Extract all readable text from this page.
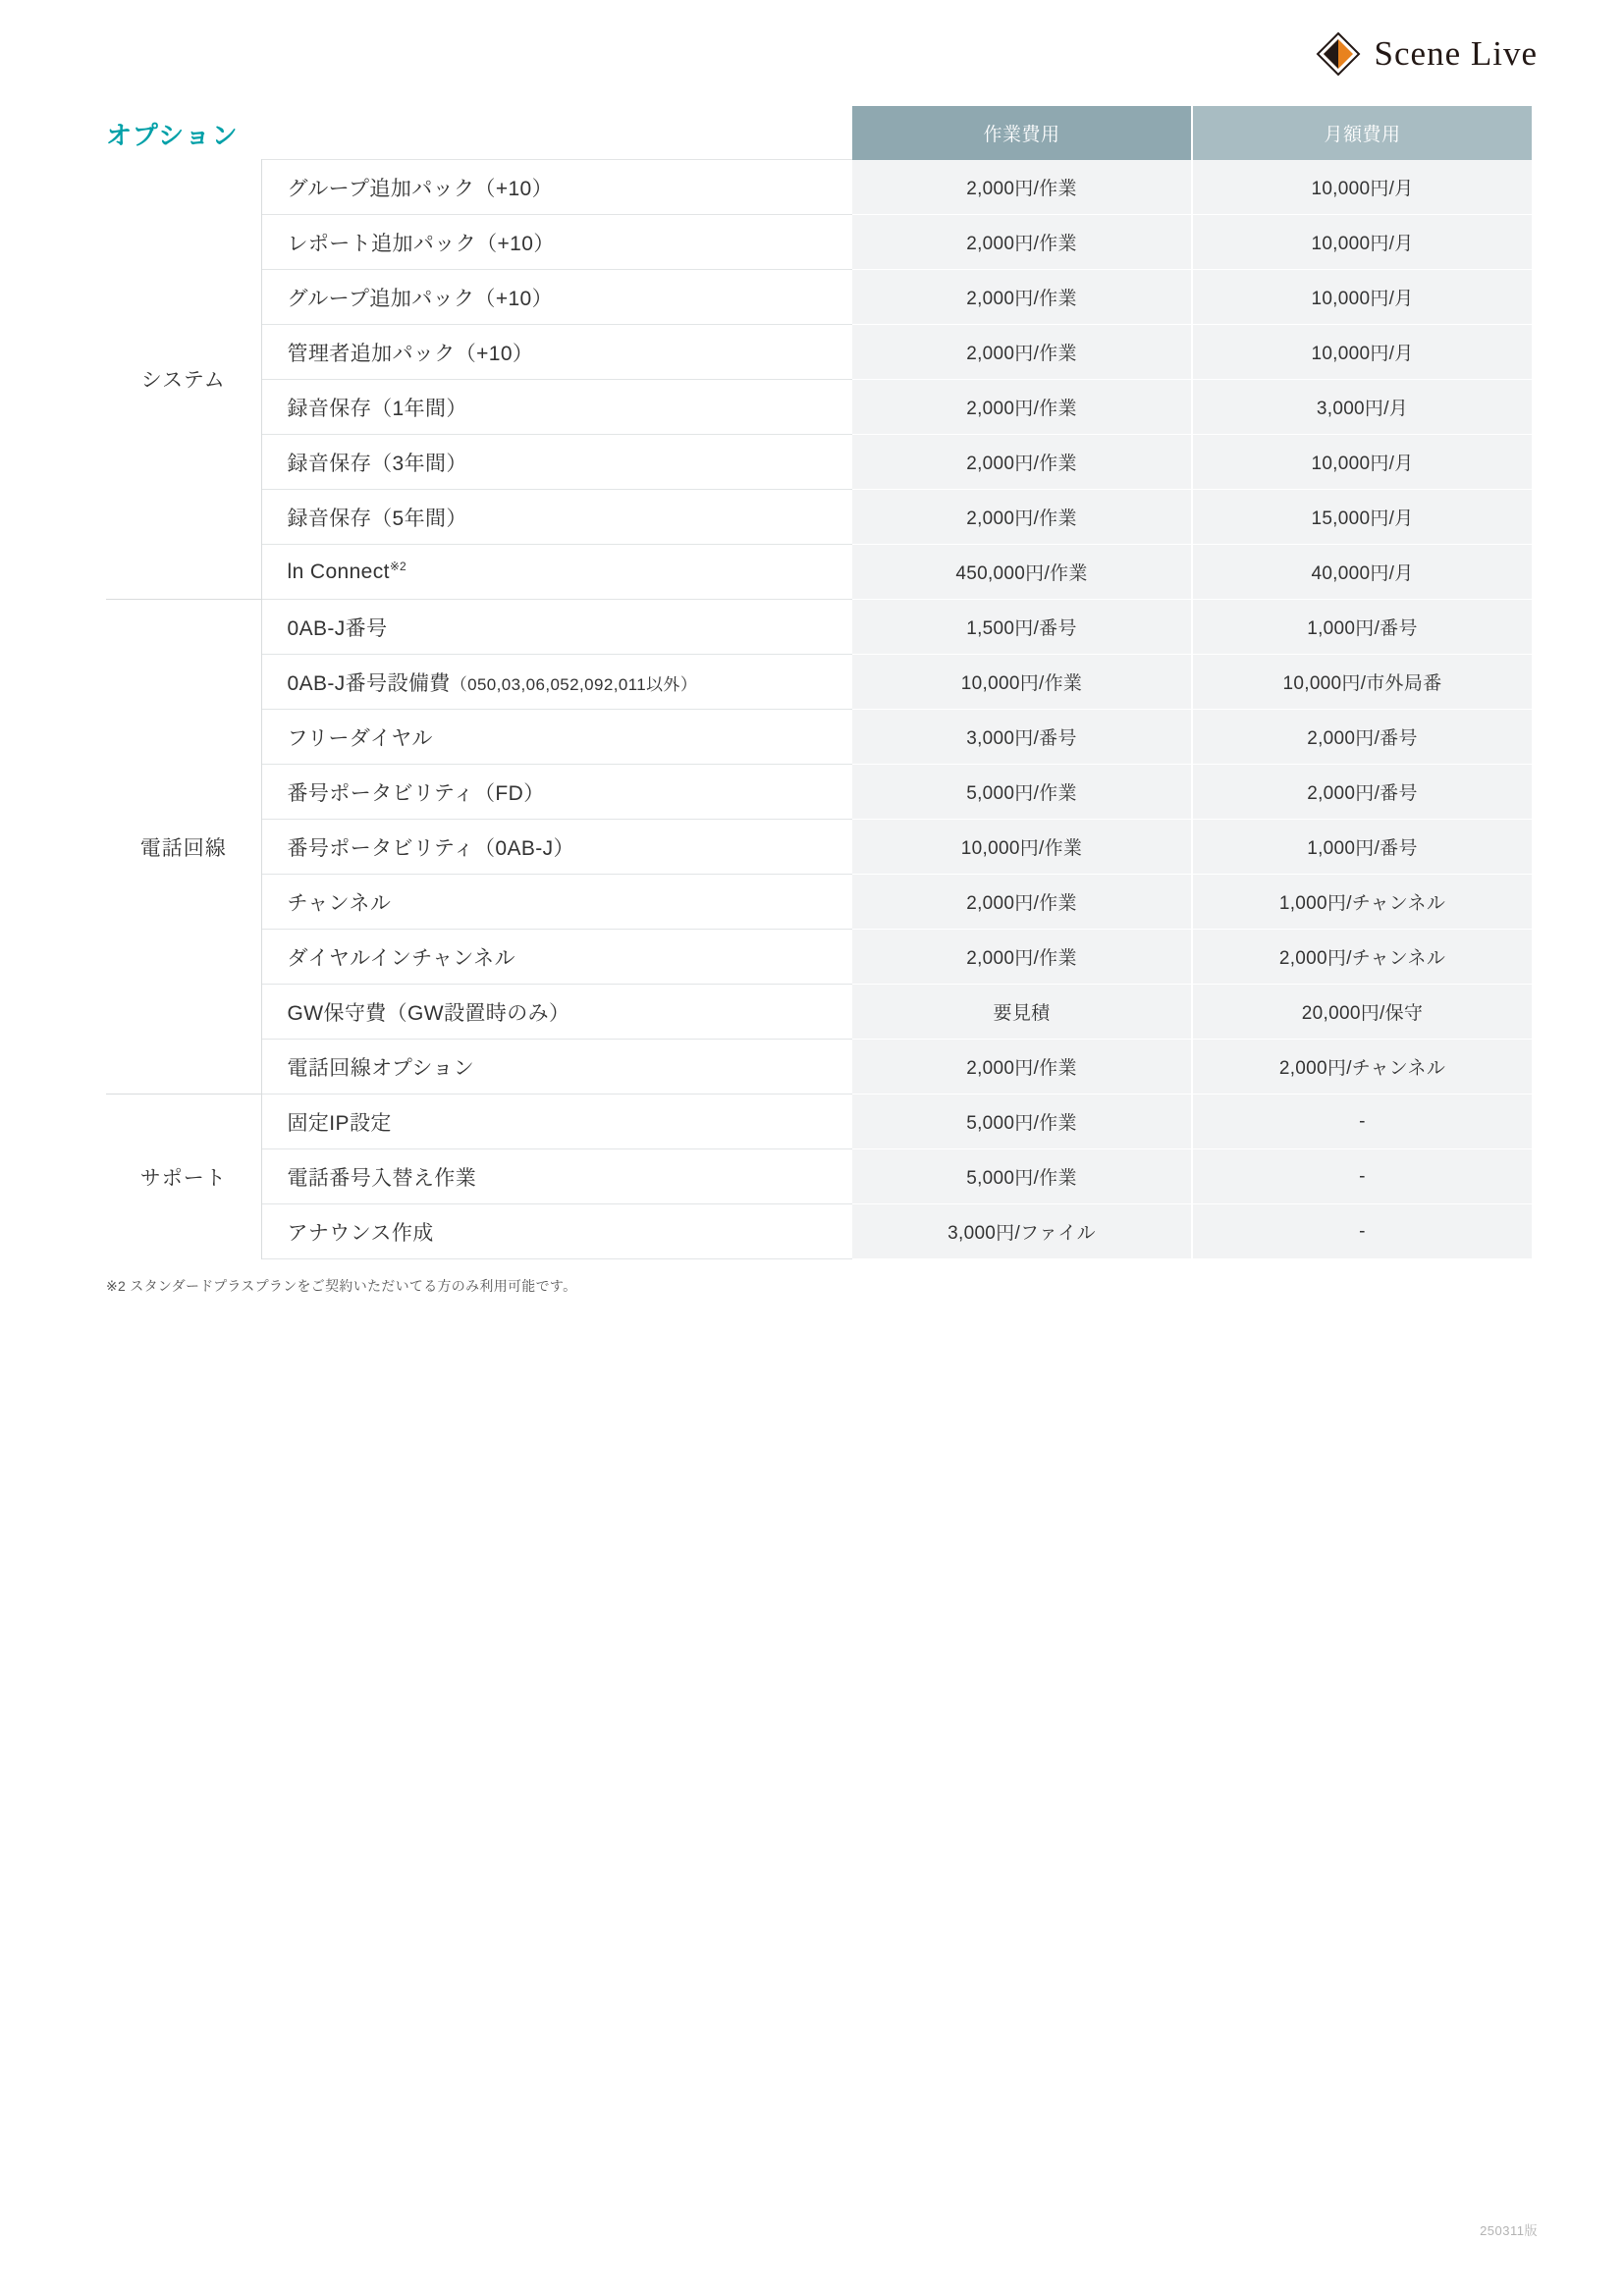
Scene Live
オプション
			作業費用	月額費用
システム	グループ追加パック（+10）	2,000円/作業	10,000円/月
	レポート追加パック（+10）	2,000円/作業	10,000円/月
	グループ追加パック（+10）	2,000円/作業	10,000円/月
	管理者追加パック（+10）	2,000円/作業	10,000円/月
	録音保存（1年間）	2,000円/作業	3,000円/月
	録音保存（3年間）	2,000円/作業	10,000円/月
	録音保存（5年間）	2,000円/作業	15,000円/月
	ln Connect$^{※2}$	450,000円/作業	40,000円/月
電話回線	0AB-J番号	1,500円/番号	1,000円/番号
	0AB-J番号設備費（050,03,06,052,092,011以外）	10,000円/作業	10,000円/市外局番
	フリーダイヤル	3,000円/番号	2,000円/番号
	番号ポータビリティ（FD）	5,000円/作業	2,000円/番号
	番号ポータビリティ（0AB-J）	10,000円/作業	1,000円/番号
	チャンネル	2,000円/作業	1,000円/チャンネル
	ダイヤルインチャンネル	2,000円/作業	2,000円/チャンネル
	GW保守費（GW設置時のみ）	要見積	20,000円/保守
	電話回線オプション	2,000円/作業	2,000円/チャンネル
サポート	固定IP設定	5,000円/作業	-
	電話番号入替え作業	5,000円/作業	-
	アナウンス作成	3,000円/ファイル	-
※2 スタンダードプラスプランをご契約いただいてる方のみ利用可能です。
250311版
